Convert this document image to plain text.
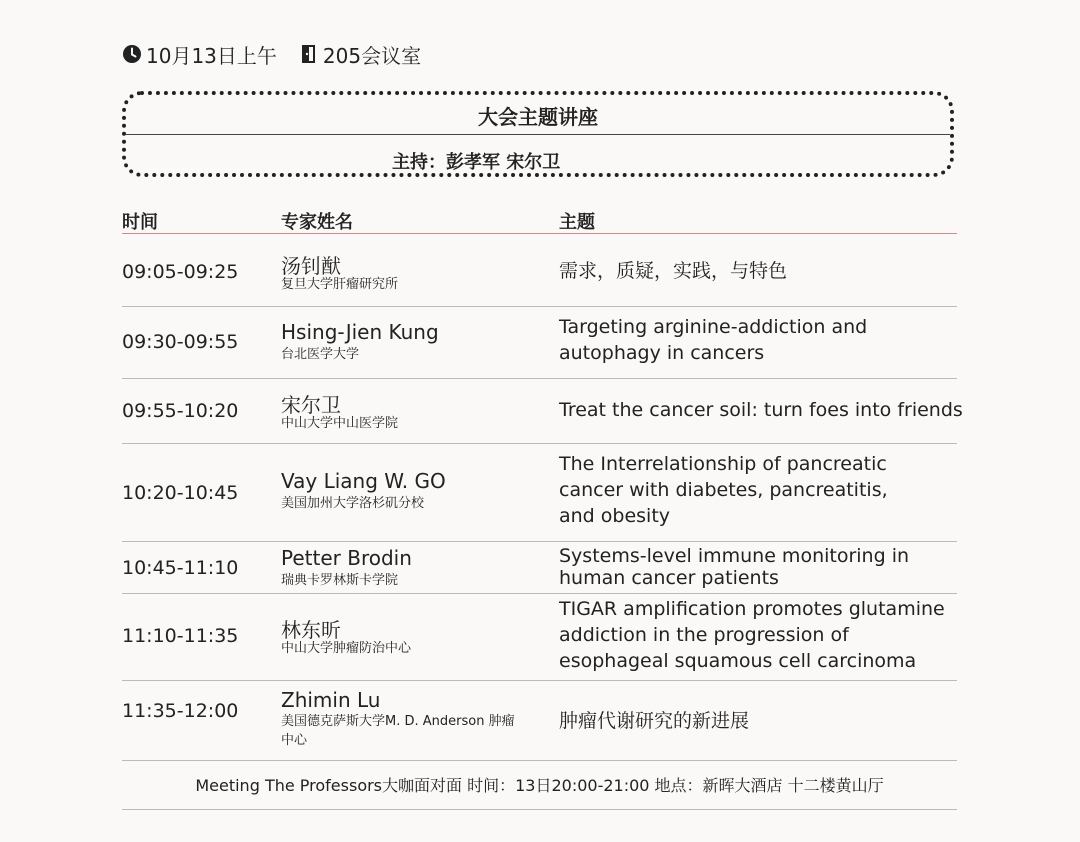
10月13日上午 205会议室
大会主题讲座
主持：彭孝军 宋尔卫
时间	专家姓名	主题
09:05-09:25 汤钊猷
复旦大学肝瘤研究所
需求，质疑，实践，与特色
09:30-09:55 Hsing-Jien Kung
台北医学大学
Targeting arginine-addiction and autophagy in cancers
09:55-10:20 宋尔卫
中山大学中山医学院
Treat the cancer soil: turn foes into friends
10:20-10:45 Vay Liang W. GO
美国加州大学洛杉矶分校
The Interrelationship of pancreatic cancer with diabetes, pancreatitis, and obesity
10:45-11:10 Petter Brodin
瑞典卡罗林斯卡学院
Systems-level immune monitoring in human cancer patients
11:10-11:35 林东昕
中山大学肿瘤防治中心
TIGAR amplification promotes glutamine addiction in the progression of esophageal squamous cell carcinoma
11:35-12:00 Zhimin Lu
美国德克萨斯大学M. D. Anderson 肿瘤中心
肿瘤代谢研究的新进展
Meeting The Professors大咖面对面 时间：13日20:00-21:00 地点：新晖大酒店 十二楼黄山厅
